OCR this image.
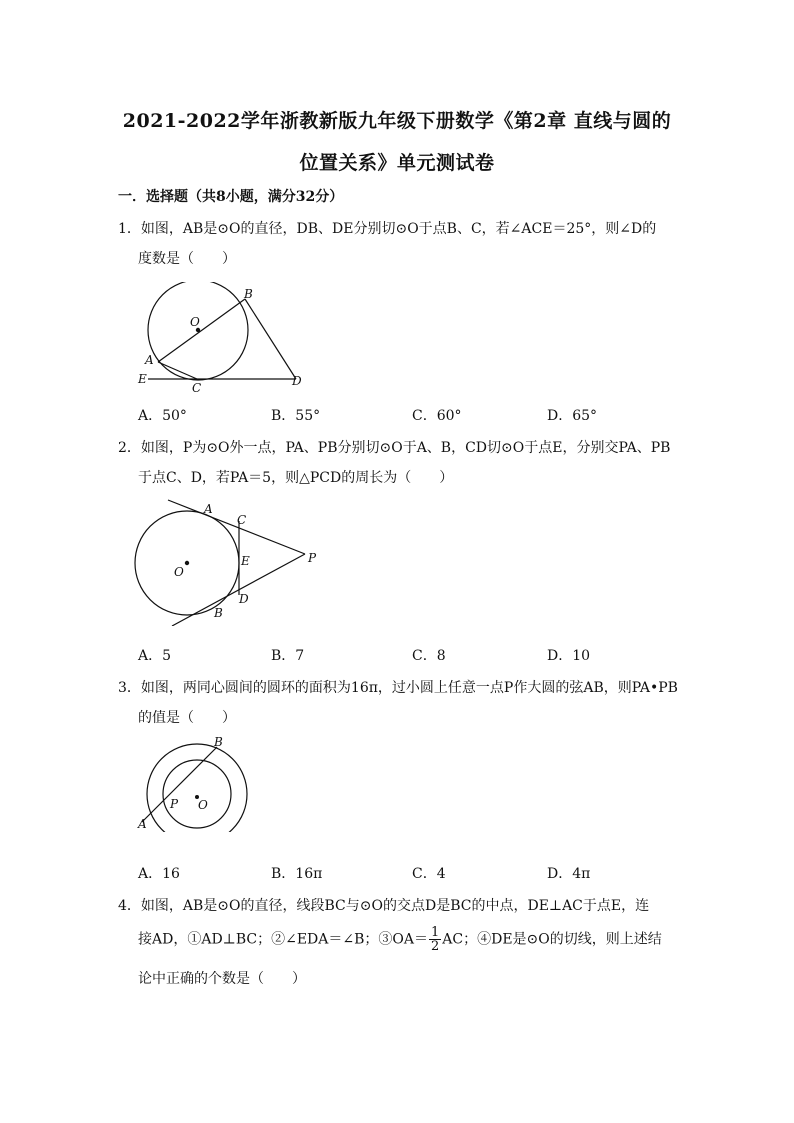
2021-2022学年浙教新版九年级下册数学《第2章 直线与圆的
位置关系》单元测试卷
一．选择题（共8小题，满分32分）
1．如图，AB是⊙O的直径，DB、DE分别切⊙O于点B、C，若∠ACE＝25°，则∠D的
度数是（　　）
O
B
A
E
C	D
A．50°	B．55°	C．60°	D．65°
2．如图，P为⊙O外一点，PA、PB分别切⊙O于A、B，CD切⊙O于点E，分别交PA、PB
于点C、D，若PA＝5，则△PCD的周长为（　　）
O
A
C
E	P
D
B
A．5	B．7	C．8	D．10
3．如图，两同心圆间的圆环的面积为16π，过小圆上任意一点P作大圆的弦AB，则PA•PB
的值是（　　）
B
P O
A
A．16	B．16π	C．4	D．4π
4．如图，AB是⊙O的直径，线段BC与⊙O的交点D是BC的中点，DE⊥AC于点E，连
接AD，①AD⊥BC；②∠EDA＝∠B；③OA＝ $\frac{1}{2}$ AC；④DE是⊙O的切线，则上述结
论中正确的个数是（　　）
